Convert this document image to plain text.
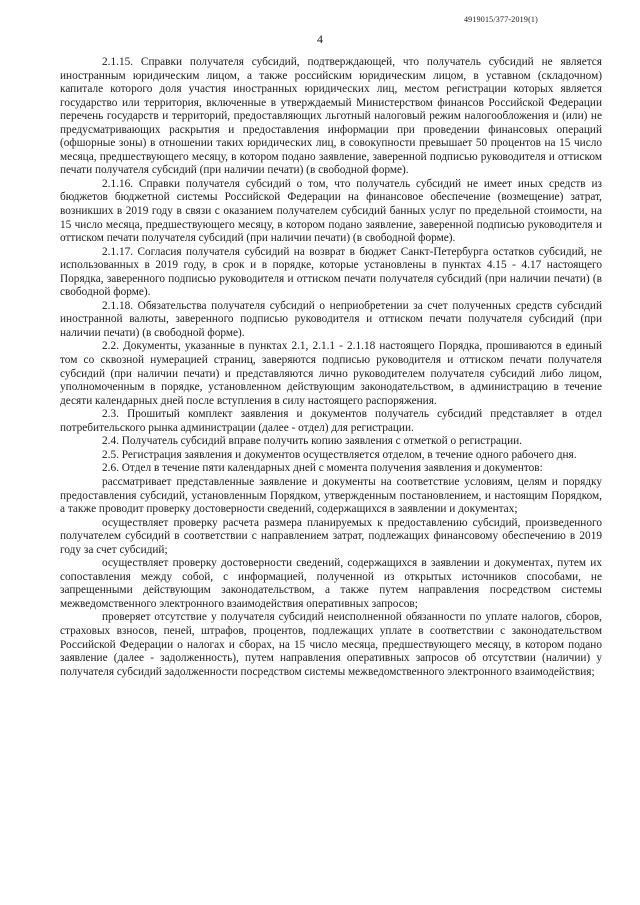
4919015/377-2019(1)
4

2.1.15. Справки получателя субсидий, подтверждающей, что получатель субсидий не является иностранным юридическим лицом, а также российским юридическим лицом, в уставном (складочном) капитале которого доля участия иностранных юридических лиц, местом регистрации которых является государство или территория, включенные в утверждаемый Министерством финансов Российской Федерации перечень государств и территорий, предоставляющих льготный налоговый режим налогообложения и (или) не предусматривающих раскрытия и предоставления информации при проведении финансовых операций (офшорные зоны) в отношении таких юридических лиц, в совокупности превышает 50 процентов на 15 число месяца, предшествующего месяцу, в котором подано заявление, заверенной подписью руководителя и оттиском печати получателя субсидий (при наличии печати) (в свободной форме).

2.1.16. Справки получателя субсидий о том, что получатель субсидий не имеет иных средств из бюджетов бюджетной системы Российской Федерации на финансовое обеспечение (возмещение) затрат, возникших в 2019 году в связи с оказанием получателем субсидий банных услуг по предельной стоимости, на 15 число месяца, предшествующего месяцу, в котором подано заявление, заверенной подписью руководителя и оттиском печати получателя субсидий (при наличии печати) (в свободной форме).

2.1.17. Согласия получателя субсидий на возврат в бюджет Санкт-Петербурга остатков субсидий, не использованных в 2019 году, в срок и в порядке, которые установлены в пунктах 4.15 - 4.17 настоящего Порядка, заверенного подписью руководителя и оттиском печати получателя субсидий (при наличии печати) (в свободной форме).

2.1.18. Обязательства получателя субсидий о неприобретении за счет полученных средств субсидий иностранной валюты, заверенного подписью руководителя и оттиском печати получателя субсидий (при наличии печати) (в свободной форме).

2.2. Документы, указанные в пунктах 2.1, 2.1.1 - 2.1.18 настоящего Порядка, прошиваются в единый том со сквозной нумерацией страниц, заверяются подписью руководителя и оттиском печати получателя субсидий (при наличии печати) и представляются лично руководителем получателя субсидий либо лицом, уполномоченным в порядке, установленном действующим законодательством, в администрацию в течение десяти календарных дней после вступления в силу настоящего распоряжения.

2.3. Прошитый комплект заявления и документов получатель субсидий представляет в отдел потребительского рынка администрации (далее - отдел) для регистрации.

2.4. Получатель субсидий вправе получить копию заявления с отметкой о регистрации.

2.5. Регистрация заявления и документов осуществляется отделом, в течение одного рабочего дня.

2.6. Отдел в течение пяти календарных дней с момента получения заявления и документов:

рассматривает представленные заявление и документы на соответствие условиям, целям и порядку предоставления субсидий, установленным Порядком, утвержденным постановлением, и настоящим Порядком, а также проводит проверку достоверности сведений, содержащихся в заявлении и документах;

осуществляет проверку расчета размера планируемых к предоставлению субсидий, произведенного получателем субсидий в соответствии с направлением затрат, подлежащих финансовому обеспечению в 2019 году за счет субсидий;

осуществляет проверку достоверности сведений, содержащихся в заявлении и документах, путем их сопоставления между собой, с информацией, полученной из открытых источников способами, не запрещенными действующим законодательством, а также путем направления посредством системы межведомственного электронного взаимодействия оперативных запросов;

проверяет отсутствие у получателя субсидий неисполненной обязанности по уплате налогов, сборов, страховых взносов, пеней, штрафов, процентов, подлежащих уплате в соответствии с законодательством Российской Федерации о налогах и сборах, на 15 число месяца, предшествующего месяцу, в котором подано заявление (далее - задолженность), путем направления оперативных запросов об отсутствии (наличии) у получателя субсидий задолженности посредством системы межведомственного электронного взаимодействия;
